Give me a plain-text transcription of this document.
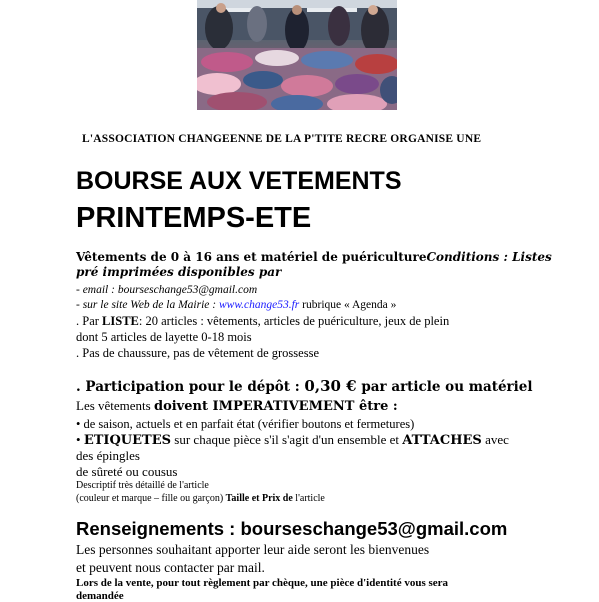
L'ASSOCIATION CHANGEENNE DE LA P'TITE RECRE ORGANISE UNE
BOURSE AUX VETEMENTS
PRINTEMPS-ETE
Vêtements de 0 à 16 ans et matériel de puéricultureConditions : Listes
pré imprimées disponibles par
- email : bourseschange53@gmail.com
- sur le site Web de la Mairie : www.change53.fr rubrique « Agenda »
. Par LISTE: 20 articles : vêtements, articles de puériculture, jeux de plein
dont 5 articles de layette 0-18 mois
. Pas de chaussure, pas de vêtement de grossesse
. Participation pour le dépôt : 0,30 € par article ou matériel
Les vêtements doivent IMPERATIVEMENT être :
• de saison, actuels et en parfait état (vérifier boutons et fermetures)
• ETIQUETES sur chaque pièce s'il s'agit d'un ensemble et ATTACHES avec
des épingles
de sûreté ou cousus
Descriptif très détaillé de l'article
(couleur et marque – fille ou garçon) Taille et Prix de l'article
Renseignements : bourseschange53@gmail.com
Les personnes souhaitant apporter leur aide seront les bienvenues
et peuvent nous contacter par mail.
Lors de la vente, pour tout règlement par chèque, une pièce d'identité vous sera
demandée
